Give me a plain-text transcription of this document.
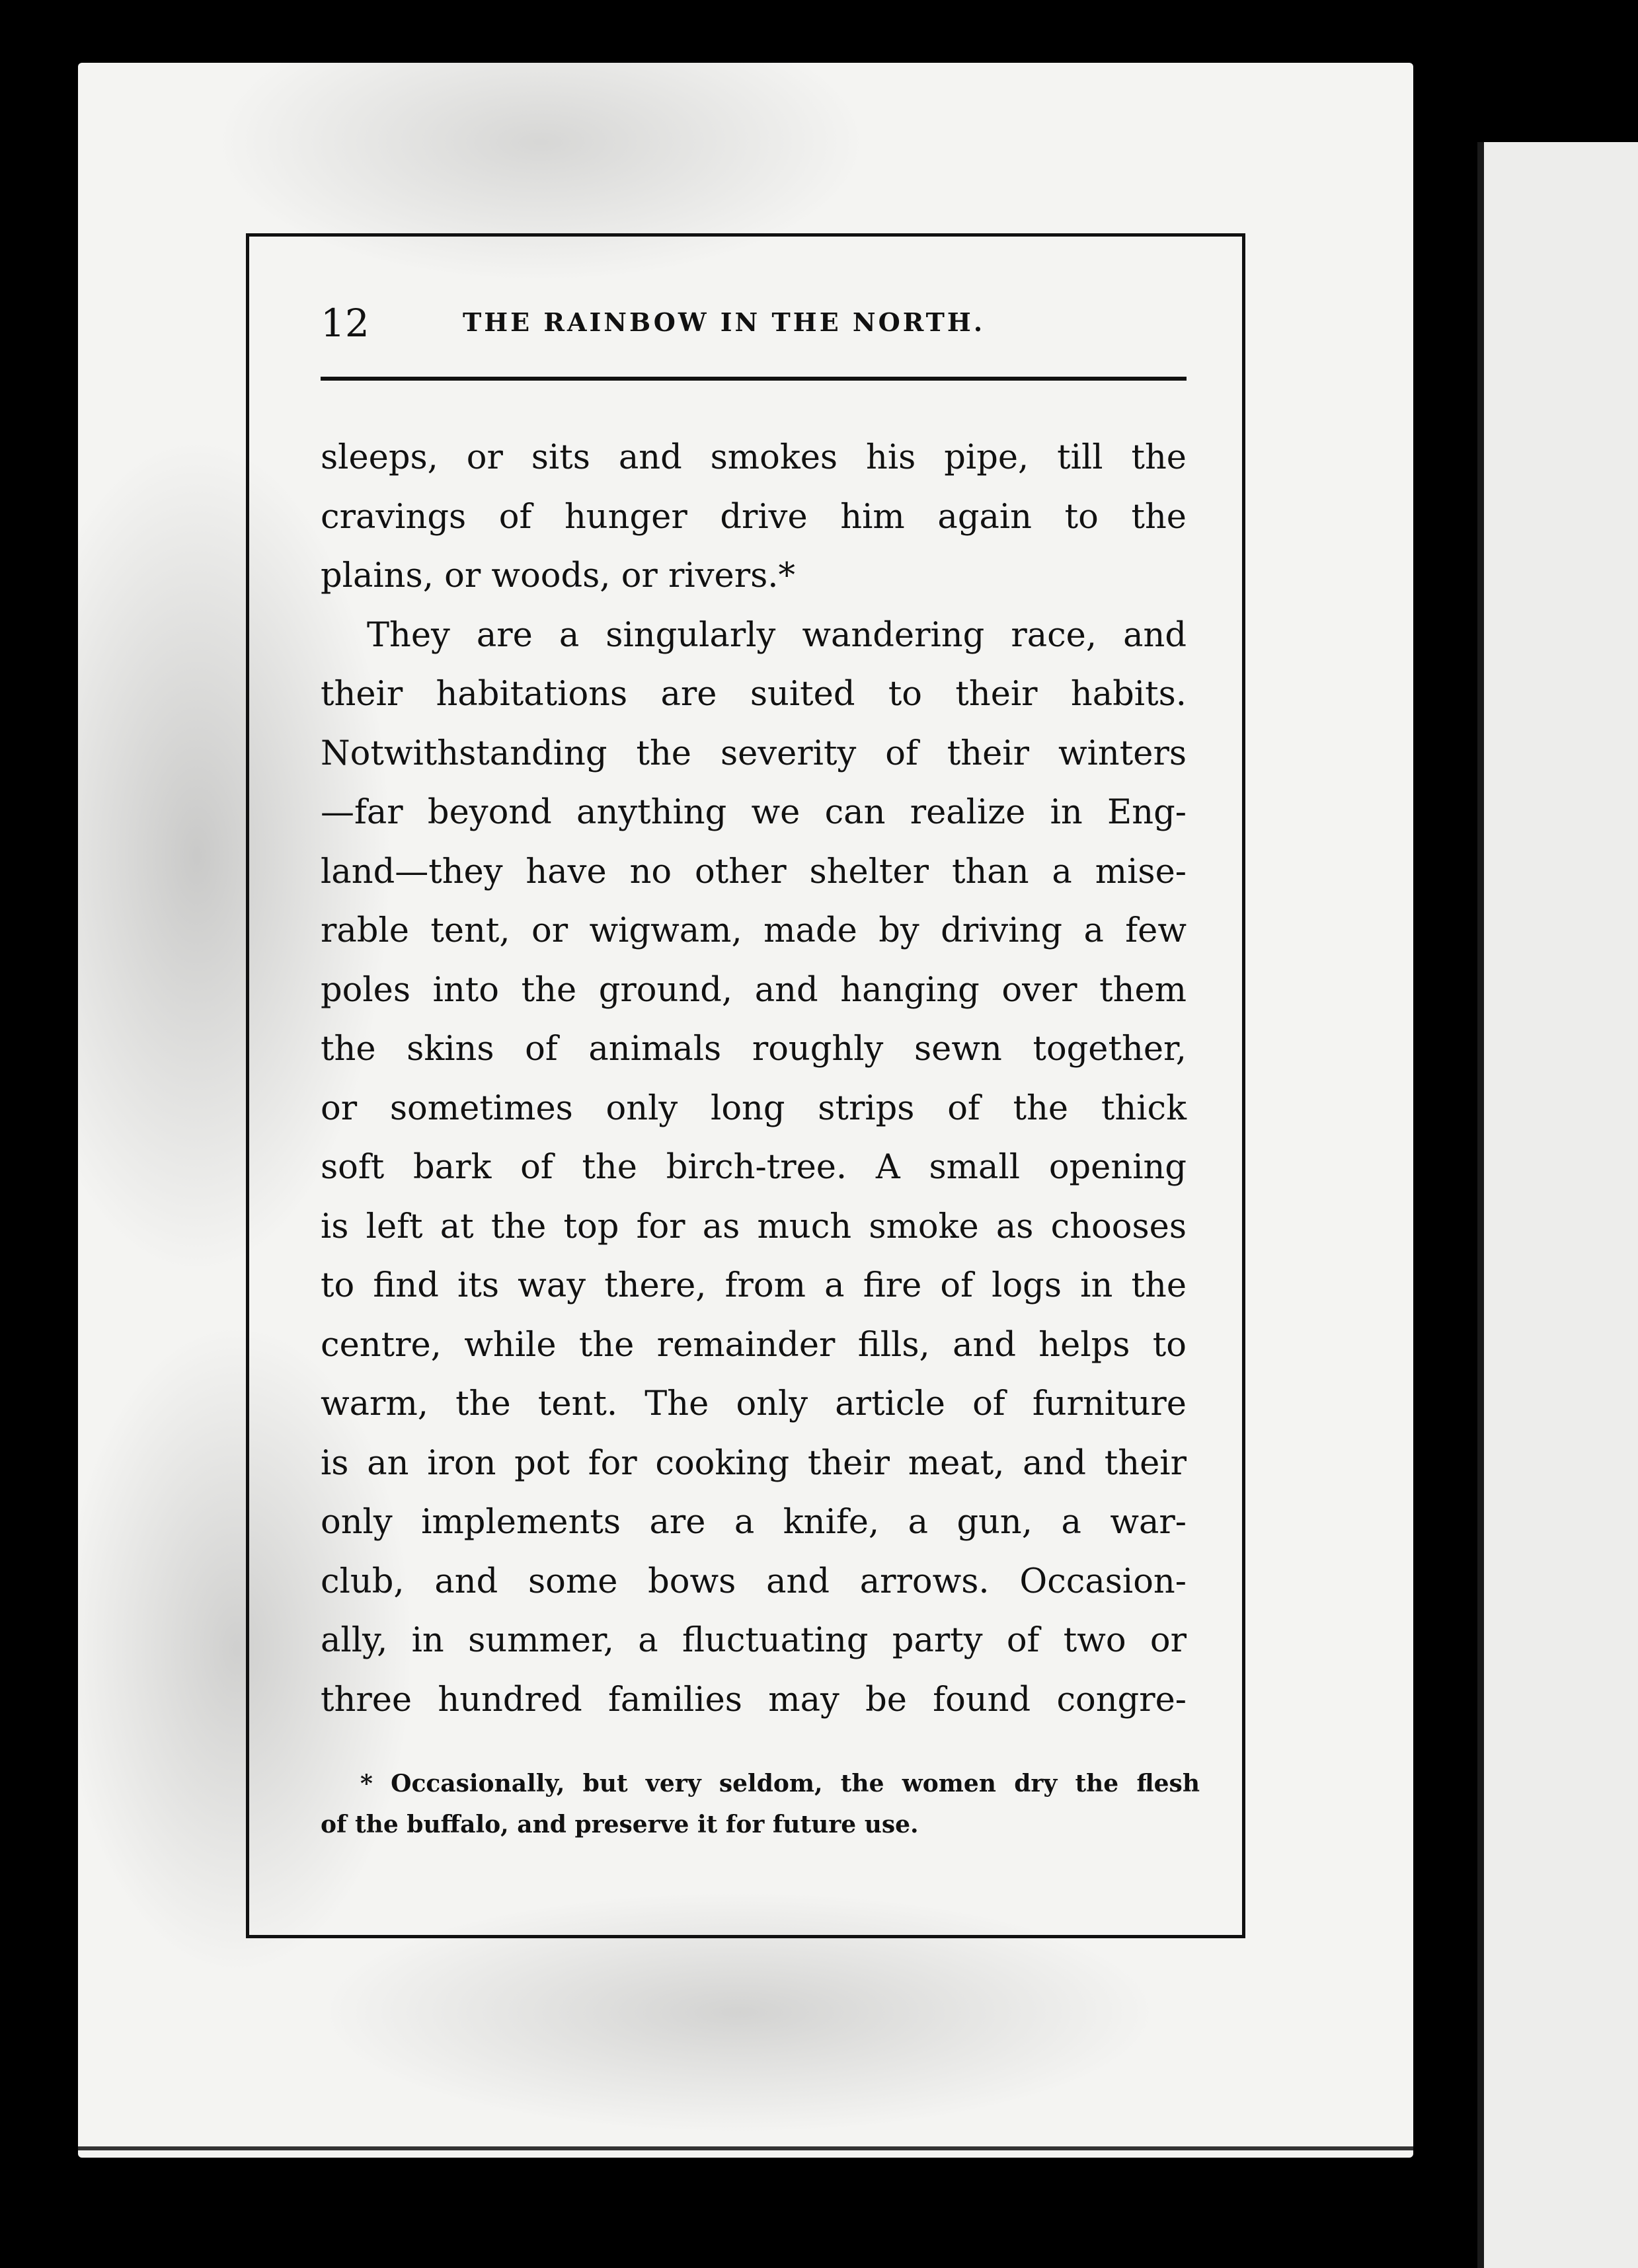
12	THE RAINBOW IN THE NORTH.
sleeps, or sits and smokes his pipe, till the
cravings of hunger drive him again to the
plains, or woods, or rivers.*
They are a singularly wandering race, and
their habitations are suited to their habits.
Notwithstanding the severity of their winters
—far beyond anything we can realize in Eng-
land—they have no other shelter than a mise-
rable tent, or wigwam, made by driving a few
poles into the ground, and hanging over them
the skins of animals roughly sewn together,
or sometimes only long strips of the thick
soft bark of the birch-tree. A small opening
is left at the top for as much smoke as chooses
to find its way there, from a fire of logs in the
centre, while the remainder fills, and helps to
warm, the tent. The only article of furniture
is an iron pot for cooking their meat, and their
only implements are a knife, a gun, a war-
club, and some bows and arrows. Occasion-
ally, in summer, a fluctuating party of two or
three hundred families may be found congre-
* Occasionally, but very seldom, the women dry the flesh
of the buffalo, and preserve it for future use.
